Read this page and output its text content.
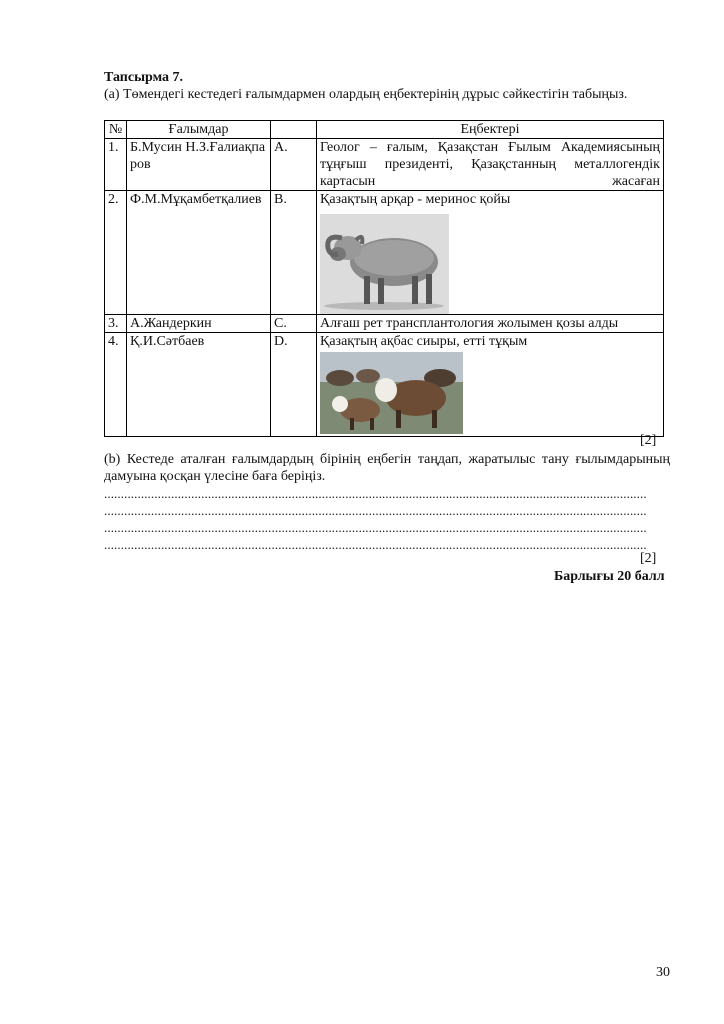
Тапсырма 7.
(a) Төмендегі кестедегі ғалымдармен олардың еңбектерінің дұрыс сәйкестігін табыңыз.
№	Ғалымдар		Еңбектері
1.	Б.Мусин Н.З.Ғалиақпаров	A.	Геолог – ғалым, Қазақстан Ғылым Академиясының тұңғыш президенті, Қазақстанның металлогендік картасын жасаған
2.	Ф.М.Мұқамбетқалиев	B.	Қазақтың арқар - меринос қойы

3.	А.Жандеркин	C.	Алғаш рет трансплантология жолымен қозы алды
4.	Қ.И.Сәтбаев	D.	Қазақтың ақбас сиыры, етті тұқым
[2]
(b) Кестеде аталған ғалымдардың бірінің еңбегін таңдап, жаратылыс тану ғылымдарының дамуына қосқан үлесіне баға беріңіз.
..................................................................................................................................................................
..................................................................................................................................................................
..................................................................................................................................................................
..................................................................................................................................................................
[2]
Барлығы 20 балл
30
